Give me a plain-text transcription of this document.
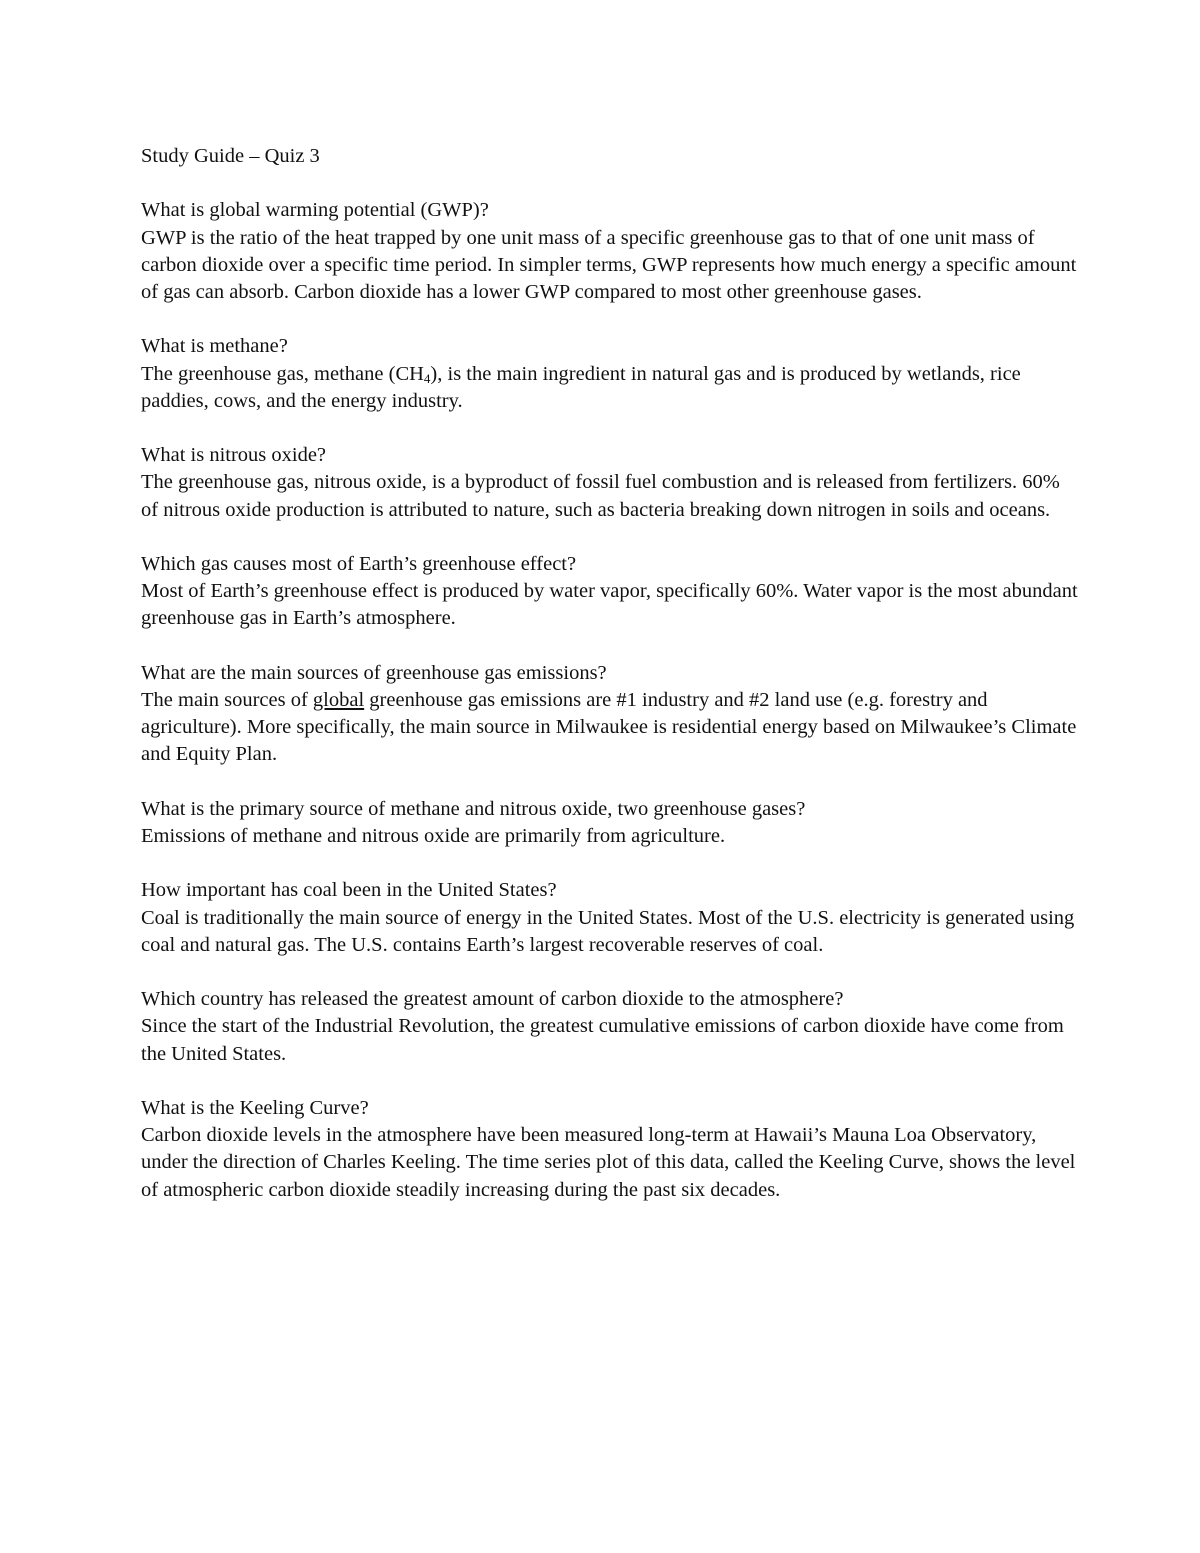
Study Guide – Quiz 3

What is global warming potential (GWP)?

GWP is the ratio of the heat trapped by one unit mass of a specific greenhouse gas to that of one unit mass of carbon dioxide over a specific time period. In simpler terms, GWP represents how much energy a specific amount of gas can absorb. Carbon dioxide has a lower GWP compared to most other greenhouse gases.

What is methane?

The greenhouse gas, methane $(CH_4)$, is the main ingredient in natural gas and is produced by wetlands, rice paddies, cows, and the energy industry.

What is nitrous oxide?

The greenhouse gas, nitrous oxide, is a byproduct of fossil fuel combustion and is released from fertilizers. 60% of nitrous oxide production is attributed to nature, such as bacteria breaking down nitrogen in soils and oceans.

Which gas causes most of Earth’s greenhouse effect?

Most of Earth’s greenhouse effect is produced by water vapor, specifically 60%. Water vapor is the most abundant greenhouse gas in Earth’s atmosphere.

What are the main sources of greenhouse gas emissions?

The main sources of global greenhouse gas emissions are #1 industry and #2 land use (e.g. forestry and agriculture). More specifically, the main source in Milwaukee is residential energy based on Milwaukee’s Climate and Equity Plan.

What is the primary source of methane and nitrous oxide, two greenhouse gases?

Emissions of methane and nitrous oxide are primarily from agriculture.

How important has coal been in the United States?

Coal is traditionally the main source of energy in the United States. Most of the U.S. electricity is generated using coal and natural gas. The U.S. contains Earth’s largest recoverable reserves of coal.

Which country has released the greatest amount of carbon dioxide to the atmosphere?

Since the start of the Industrial Revolution, the greatest cumulative emissions of carbon dioxide have come from the United States.

What is the Keeling Curve?

Carbon dioxide levels in the atmosphere have been measured long-term at Hawaii’s Mauna Loa Observatory, under the direction of Charles Keeling. The time series plot of this data, called the Keeling Curve, shows the level of atmospheric carbon dioxide steadily increasing during the past six decades.
